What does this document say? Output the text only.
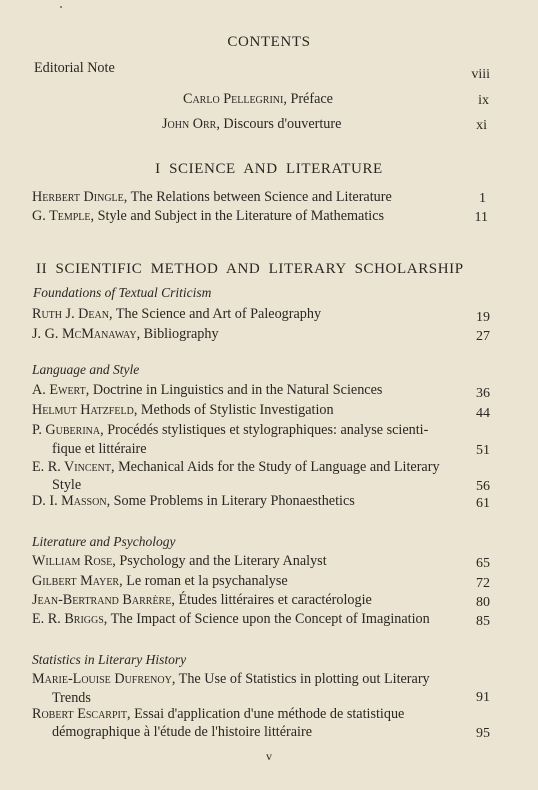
CONTENTS
Editorial Note	viii
Carlo Pellegrini, Préface	ix
John Orr, Discours d'ouverture	xi
I SCIENCE AND LITERATURE
Herbert Dingle, The Relations between Science and Literature	1
G. Temple, Style and Subject in the Literature of Mathematics	11
II SCIENTIFIC METHOD AND LITERARY SCHOLARSHIP
Foundations of Textual Criticism
Ruth J. Dean, The Science and Art of Paleography	19
J. G. McManaway, Bibliography	27
Language and Style
A. Ewert, Doctrine in Linguistics and in the Natural Sciences	36
Helmut Hatzfeld, Methods of Stylistic Investigation	44
P. Guberina, Procédés stylistiques et stylographiques: analyse scienti-
fique et littéraire	51
E. R. Vincent, Mechanical Aids for the Study of Language and Literary
Style	56
D. I. Masson, Some Problems in Literary Phonaesthetics	61
Literature and Psychology
William Rose, Psychology and the Literary Analyst	65
Gilbert Mayer, Le roman et la psychanalyse	72
Jean-Bertrand Barrère, Études littéraires et caractérologie	80
E. R. Briggs, The Impact of Science upon the Concept of Imagination	85
Statistics in Literary History
Marie-Louise Dufrenoy, The Use of Statistics in plotting out Literary
Trends	91
Robert Escarpit, Essai d'application d'une méthode de statistique
démographique à l'étude de l'histoire littéraire	95
v
